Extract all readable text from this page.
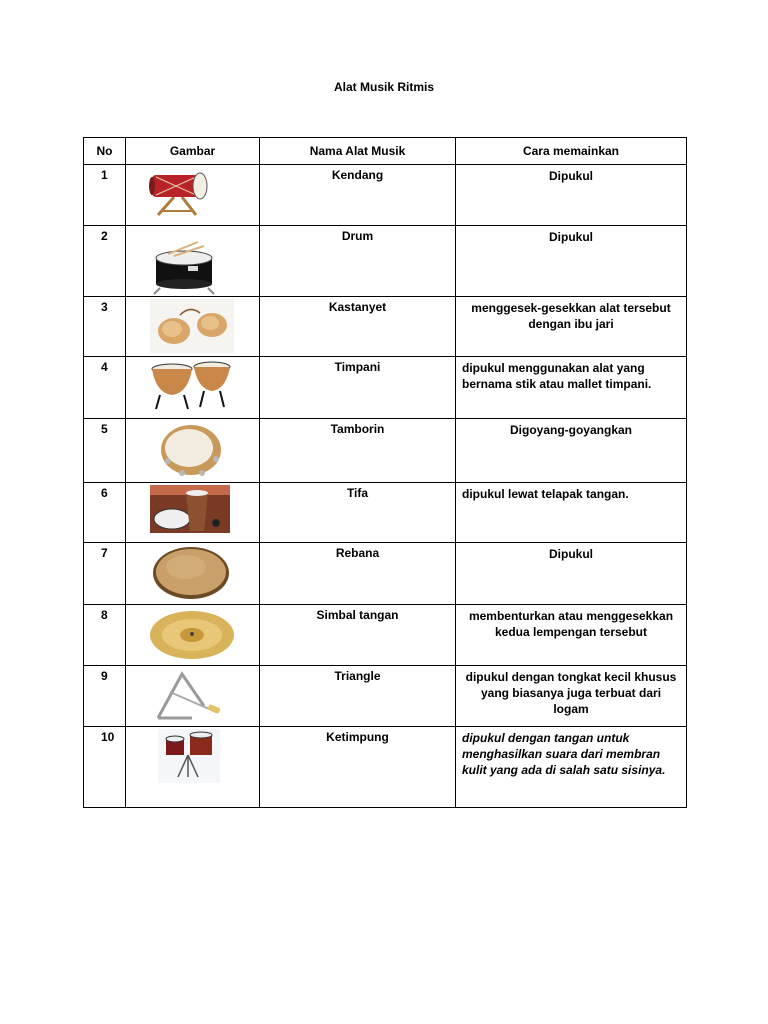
Alat Musik Ritmis
No	Gambar	Nama Alat Musik	Cara memainkan
1		Kendang	Dipukul
2		Drum	Dipukul
3		Kastanyet	menggesek-gesekkan alat tersebut dengan ibu jari
4		Timpani	dipukul menggunakan alat yang bernama stik atau mallet timpani.
5		Tamborin	Digoyang-goyangkan
6		Tifa	dipukul lewat telapak tangan.
7		Rebana	Dipukul
8		Simbal tangan	membenturkan atau menggesekkan kedua lempengan tersebut
9		Triangle	dipukul dengan tongkat kecil khusus yang biasanya juga terbuat dari logam
10		Ketimpung	dipukul dengan tangan untuk menghasilkan suara dari membran kulit yang ada di salah satu sisinya.
